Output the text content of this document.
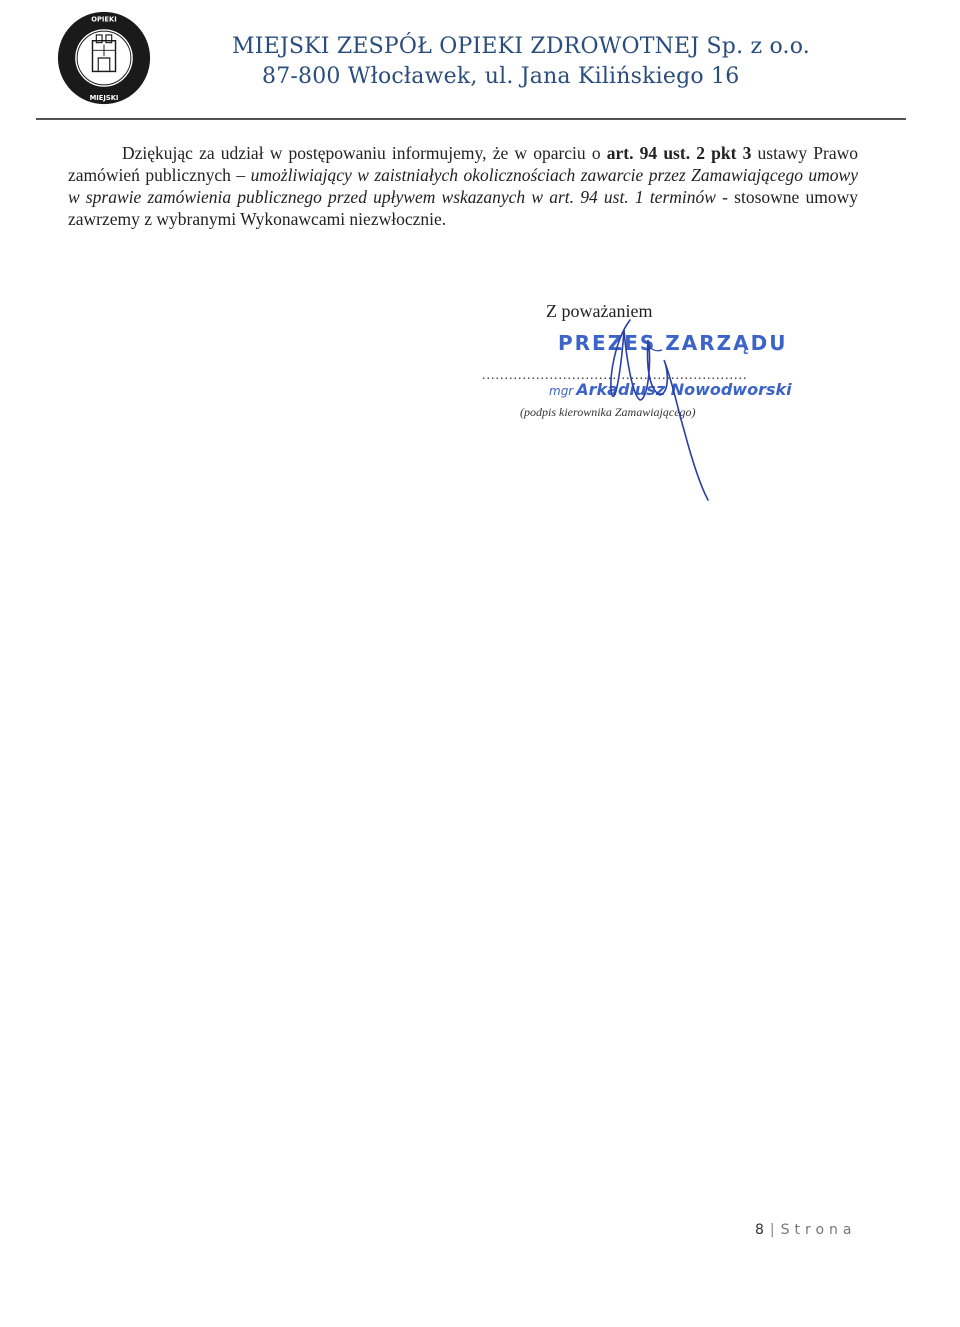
OPIEKI
MIEJSKI
MIEJSKI ZESPÓŁ OPIEKI ZDROWOTNEJ Sp. z o.o.
87-800 Włocławek, ul. Jana Kilińskiego 16
Dziękując za udział w postępowaniu informujemy, że w oparciu o art. 94 ust. 2 pkt 3 ustawy Prawo zamówień publicznych – umożliwiający w zaistniałych okolicznościach zawarcie przez Zamawiającego umowy w sprawie zamówienia publicznego przed upływem wskazanych w art. 94 ust. 1 terminów - stosowne umowy zawrzemy z wybranymi Wykonawcami niezwłocznie.
Z poważaniem
PREZES ZARZĄDU
...........................................................
mgr Arkadiusz Nowodworski
(podpis kierownika Zamawiającego)
8 | Strona
